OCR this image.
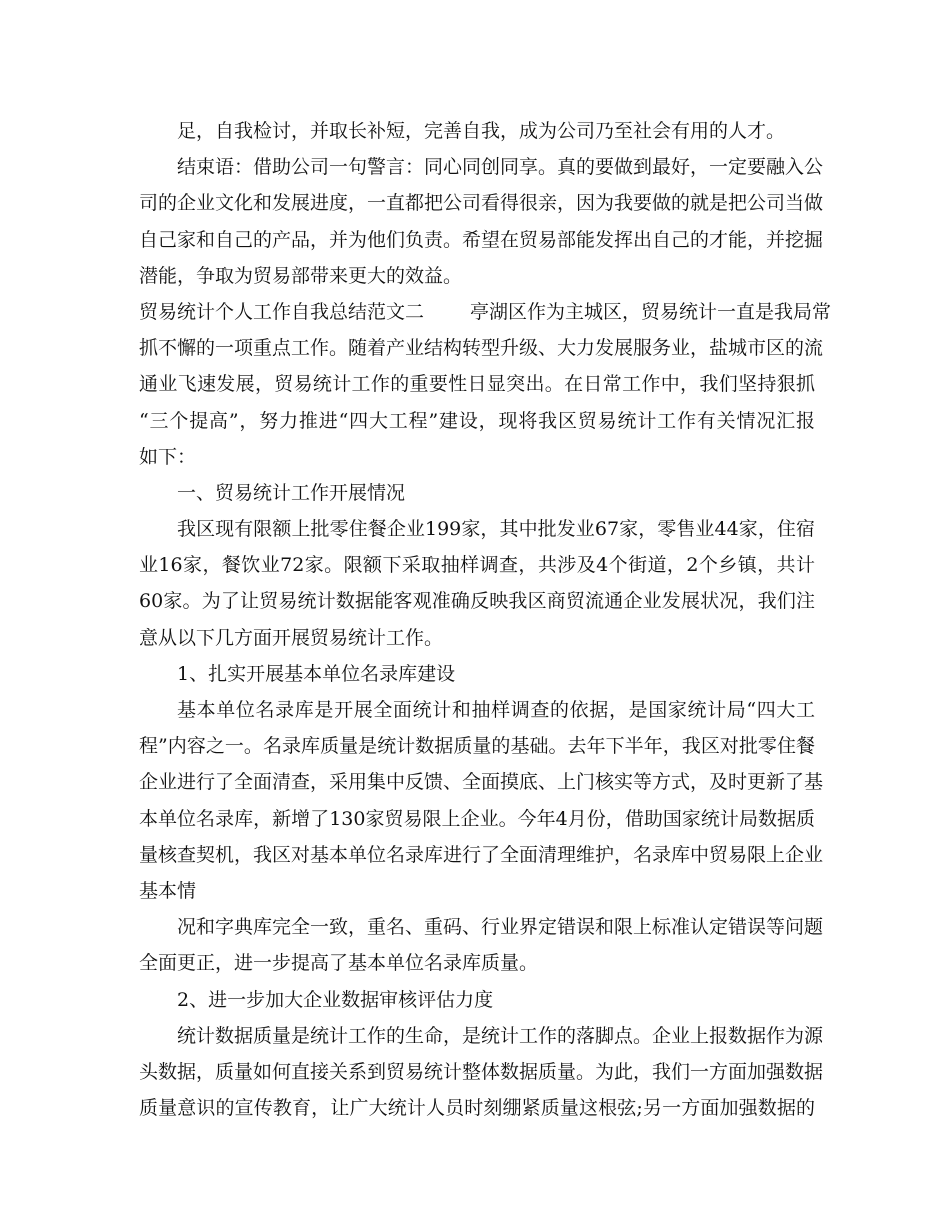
足，自我检讨，并取长补短，完善自我，成为公司乃至社会有用的人才。
结束语：借助公司一句警言：同心同创同享。真的要做到最好，一定要融入公
司的企业文化和发展进度，一直都把公司看得很亲，因为我要做的就是把公司当做
自己家和自己的产品，并为他们负责。希望在贸易部能发挥出自己的才能，并挖掘
潜能，争取为贸易部带来更大的效益。
贸易统计个人工作自我总结范文二 亭湖区作为主城区，贸易统计一直是我局常
抓不懈的一项重点工作。随着产业结构转型升级、大力发展服务业，盐城市区的流
通业飞速发展，贸易统计工作的重要性日显突出。在日常工作中，我们坚持狠抓
“三个提高”，努力推进“四大工程”建设，现将我区贸易统计工作有关情况汇报
如下：
一、贸易统计工作开展情况
我区现有限额上批零住餐企业199家，其中批发业67家，零售业44家，住宿
业16家，餐饮业72家。限额下采取抽样调查，共涉及4个街道，2个乡镇，共计
60家。为了让贸易统计数据能客观准确反映我区商贸流通企业发展状况，我们注
意从以下几方面开展贸易统计工作。
1、扎实开展基本单位名录库建设
基本单位名录库是开展全面统计和抽样调查的依据，是国家统计局“四大工
程”内容之一。名录库质量是统计数据质量的基础。去年下半年，我区对批零住餐
企业进行了全面清查，采用集中反馈、全面摸底、上门核实等方式，及时更新了基
本单位名录库，新增了130家贸易限上企业。今年4月份，借助国家统计局数据质
量核查契机，我区对基本单位名录库进行了全面清理维护，名录库中贸易限上企业
基本情
况和字典库完全一致，重名、重码、行业界定错误和限上标准认定错误等问题
全面更正，进一步提高了基本单位名录库质量。
2、进一步加大企业数据审核评估力度
统计数据质量是统计工作的生命，是统计工作的落脚点。企业上报数据作为源
头数据，质量如何直接关系到贸易统计整体数据质量。为此，我们一方面加强数据
质量意识的宣传教育，让广大统计人员时刻绷紧质量这根弦;另一方面加强数据的
